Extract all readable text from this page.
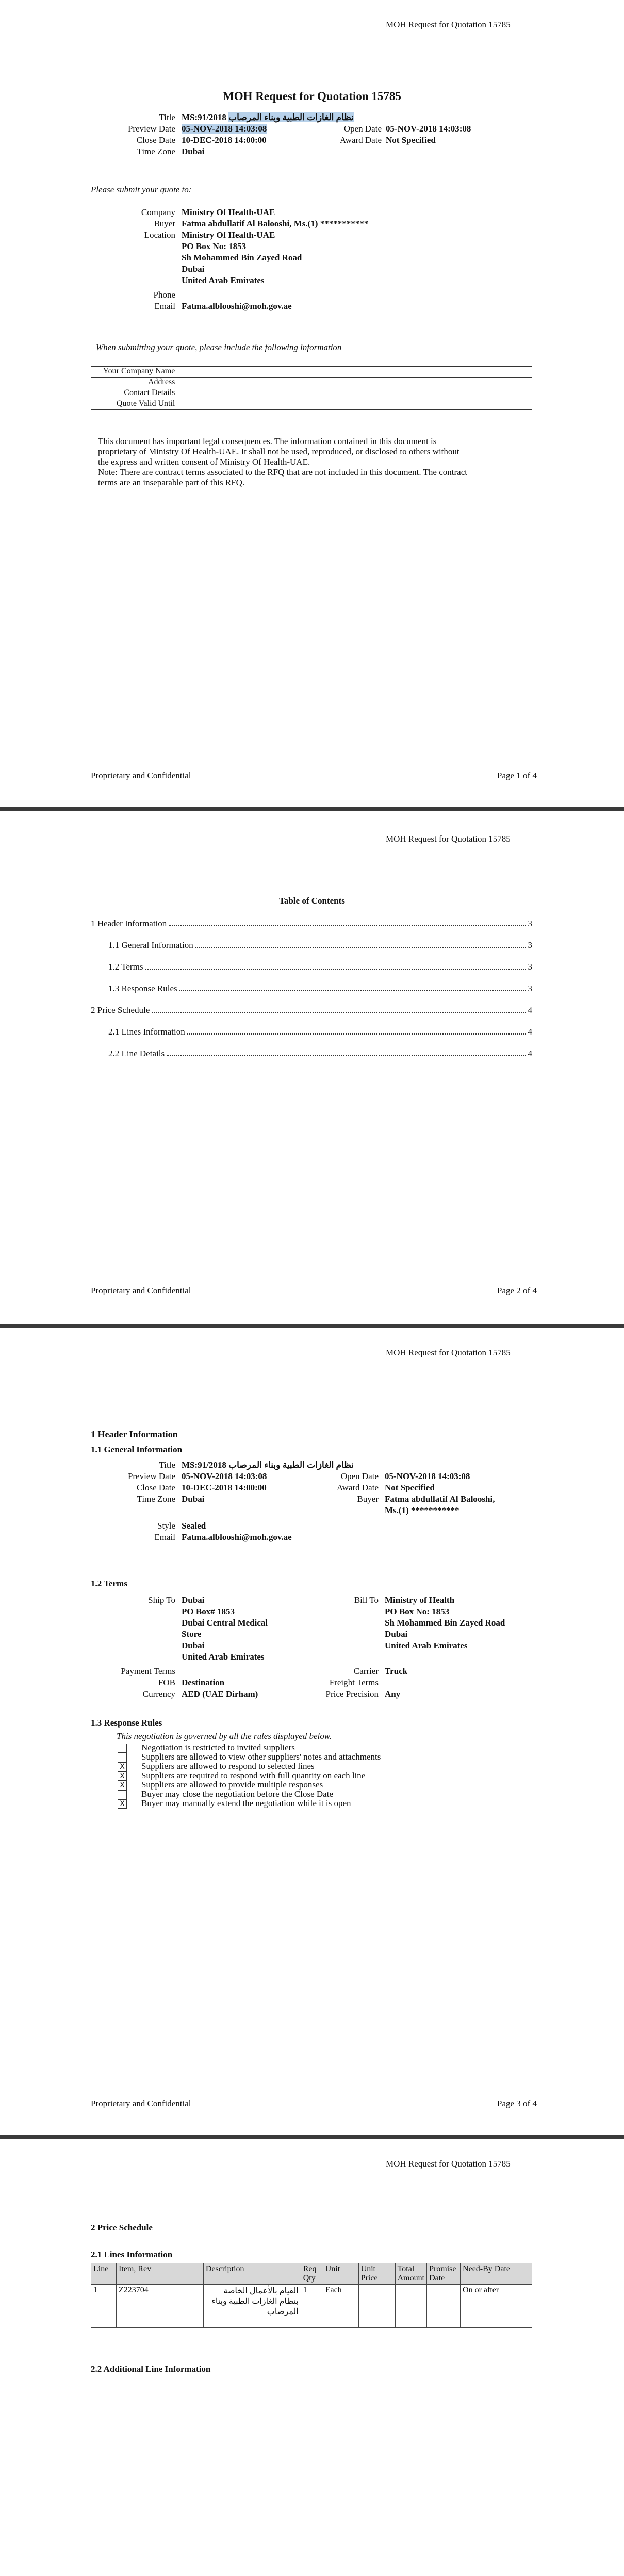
MOH Request for Quotation 15785
MOH Request for Quotation 15785
Title MS:91/2018 نظام الغازات الطبية وبناء المرصاب
Preview Date 05-NOV-2018 14:03:08
Close Date 10-DEC-2018 14:00:00
Time Zone Dubai
Open Date 05-NOV-2018 14:03:08
Award Date Not Specified
Please submit your quote to:
Company Ministry Of Health-UAE
Buyer Fatma abdullatif Al Balooshi, Ms.(1) ***********
Location Ministry Of Health-UAE
PO Box No: 1853
Sh Mohammed Bin Zayed Road
Dubai
United Arab Emirates
Phone
Email Fatma.alblooshi@moh.gov.ae
When submitting your quote, please include the following information
Your Company Name	
Address	
Contact Details	
Quote Valid Until	
This document has important legal consequences. The information contained in this document is
proprietary of Ministry Of Health-UAE. It shall not be used, reproduced, or disclosed to others without
the express and written consent of Ministry Of Health-UAE.
Note: There are contract terms associated to the RFQ that are not included in this document. The contract
terms are an inseparable part of this RFQ.
Proprietary and Confidential	Page 1 of 4
MOH Request for Quotation 15785
Table of Contents
1 Header Information	3
1.1 General Information	3
1.2 Terms	3
1.3 Response Rules	3
2 Price Schedule	4
2.1 Lines Information	4
2.2 Line Details	4
Proprietary and Confidential	Page 2 of 4
MOH Request for Quotation 15785
1 Header Information
1.1 General Information
Title MS:91/2018 نظام الغازات الطبية وبناء المرصاب
Preview Date 05-NOV-2018 14:03:08
Close Date 10-DEC-2018 14:00:00
Time Zone Dubai
Open Date 05-NOV-2018 14:03:08
Award Date Not Specified
Buyer Fatma abdullatif Al Balooshi,
Ms.(1) ***********
Style Sealed
Email Fatma.alblooshi@moh.gov.ae
1.2 Terms
Ship To Dubai
PO Box# 1853
Dubai Central Medical
Store
Dubai
United Arab Emirates
Bill To Ministry of Health
PO Box No: 1853
Sh Mohammed Bin Zayed Road
Dubai
United Arab Emirates
Payment Terms
FOB Destination
Currency AED (UAE Dirham)
Carrier Truck
Freight Terms
Price Precision Any
1.3 Response Rules
This negotiation is governed by all the rules displayed below.
Negotiation is restricted to invited suppliers
Suppliers are allowed to view other suppliers' notes and attachments
X Suppliers are allowed to respond to selected lines
X Suppliers are required to respond with full quantity on each line
X Suppliers are allowed to provide multiple responses
Buyer may close the negotiation before the Close Date
X Buyer may manually extend the negotiation while it is open
Proprietary and Confidential	Page 3 of 4
MOH Request for Quotation 15785
2 Price Schedule
2.1 Lines Information
Line	Item, Rev	Description	Req Qty	Unit	Unit Price	Total Amount	Promise Date	Need-By Date
1	Z223704	القيام بالأعمال الخاصة بنظام الغازات الطبية وبناء المرصاب	1	Each				On or after
2.2 Additional Line Information
